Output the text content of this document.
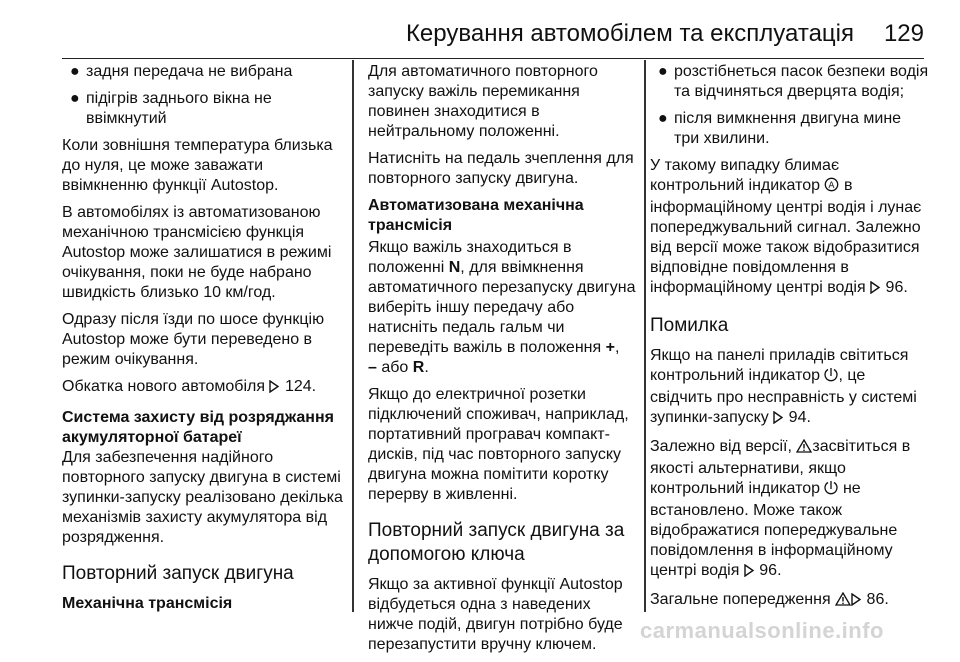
Керування автомобілем та експлуатація 129
● задня передача не вибрана
● підігрів заднього вікна не ввімкнутий

Коли зовнішня температура близька до нуля, це може заважати ввімкненню функції Autostop.

В автомобілях із автоматизованою механічною трансмісією функція Autostop може залишатися в режимі очікування, поки не буде набрано швидкість близько 10 км/год.

Одразу після їзди по шосе функцію Autostop може бути переведено в режим очікування.

Обкатка нового автомобіля 124.

Система захисту від розряджання акумуляторної батареї

Для забезпечення надійного повторного запуску двигуна в системі зупинки-запуску реалізовано декілька механізмів захисту акумулятора від розрядження.

Повторний запуск двигуна

Механічна трансмісія

Для автоматичного повторного запуску важіль перемикання повинен знаходитися в нейтральному положенні.

Натисніть на педаль зчеплення для повторного запуску двигуна.

Автоматизована механічна трансмісія

Якщо важіль знаходиться в положенні N, для ввімкнення автоматичного перезапуску двигуна виберіть іншу передачу або натисніть педаль гальм чи переведіть важіль в положення +,
– або R.

Якщо до електричної розетки підключений споживач, наприклад, портативний програвач компакт-дисків, під час повторного запуску двигуна можна помітити коротку перерву в живленні.

Повторний запуск двигуна за допомогою ключа

Якщо за активної функції Autostop відбудеться одна з наведених нижче подій, двигун потрібно буде перезапустити вручну ключем.

● розстібнеться пасок безпеки водія та відчиняться дверцята водія;
● після вимкнення двигуна мине три хвилини.

У такому випадку блимає контрольний індикатор A в інформаційному центрі водія і лунає попереджувальний сигнал. Залежно від версії може також відобразитися відповідне повідомлення в інформаційному центрі водія 96.

Помилка

Якщо на панелі приладів світиться контрольний індикатор , це свідчить про несправність у системі зупинки-запуску 94.

Залежно від версії, засвітиться в якості альтернативи, якщо контрольний індикатор не встановлено. Може також відображатися попереджувальне повідомлення в інформаційному центрі водія 96.

Загальне попередження 86.

carmanualsonline.info
